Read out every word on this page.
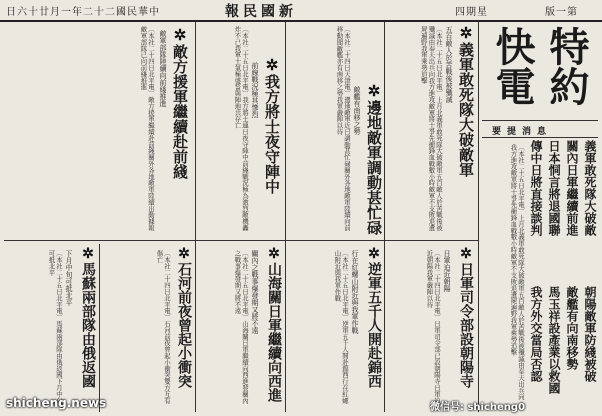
日六十廿月一年二十二國民華中	報民國新	四期星	版一第
特約
快電
要提消息
義軍敢死隊大破敵
關內日軍繼續前進
日本恫言將退國聯
傳中日將直接談判
朝陽敵軍防綫被破
敵艦有向南移勢
馬玉祥設產業以救國
我方外交當局否認
〔本社二十五日北平電〕上月北義軍敢死隊大破敵軍五百敵人於苦戰後被殲滅由奉天出兵向我方進攻敵軍將士爭先衝鋒血戰數小時敵軍不支敗退遺屍遍野我軍乘勢追擊
✲義軍敢死隊大破敵軍
五百敵人於苦戰後被殲滅
〔本社二十五日北平電〕上月北義軍敢死隊大破敵軍五百敵人於苦戰後被殲滅由奉天出兵向我方進攻敵軍將士爭先衝鋒血戰數小時敵軍不支敗退遺屍遍野我軍乘勢追擊
✲邊地敵軍調動甚忙碌
敵艦有南移之勢
〔本社二十四日天津電〕邊地敵軍近日調動甚忙碌關外各地敵軍陸續向前移動聞敵艦亦有南移之勢我軍嚴陣以待
✲我方將士夜守陣中
前線戰況極其慘烈
〔本社二十五日北平電〕我方將士連日夜守陣中前綫戰況極為激烈敵機轟炸不已我軍士氣極盛誓與陣地共存亡
✲敵方援軍繼續赴前綫
敵軍部隊陸續向前綫推進
〔本社二十四日北平電〕敵方援軍繼續赴前綫關外各地敵軍陸續出動據報敵軍部隊已向前綫推進
✲山海關日軍繼續向西進
關內之戰事爆發期又將不遠
〔本社二十五日北平電〕山海關日軍繼續向西進發關內之戰事爆發期又將不遠	✲日軍司令部設朝陽寺
日軍迫近朝陽
〔本社二十四日北平電〕日軍司令部已設朝陽寺日軍迫近朝陽我軍嚴陣以待
✲逆軍五千人開赴錦西
行在紅螺山附近與我軍作戰
〔本社二十五日北平電〕逆軍五千人開赴錦西行在紅螺山附近與我軍作戰
✲石河前夜曾起小衝突
〔本社二十四日北平電〕石河前夜曾起小衝突雙方互有傷亡
✲馬蘇兩部隊由俄返國
下月中旬可抵北平
〔本社二十五日北平電〕馬蘇兩部隊由俄返國下月中旬可抵北平
shicheng.news	微信号: shicheng0
